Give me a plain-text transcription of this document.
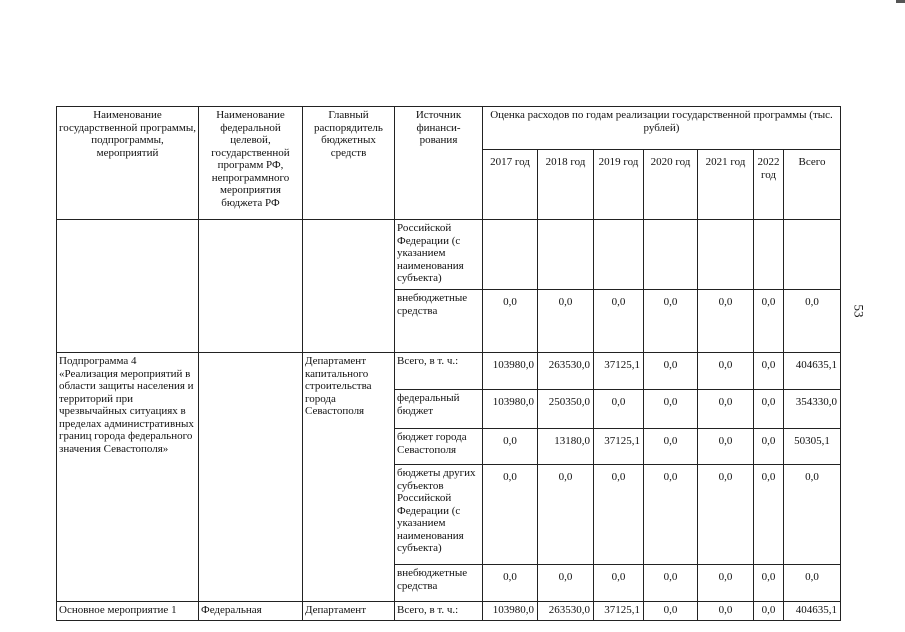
53
Наименование государственной программы, подпрограммы, мероприятий	Наименование федеральной целевой, государственной программ РФ, непрограммного мероприятия бюджета РФ	Главный распорядитель бюджетных средств	Источник финанси- рования	Оценка расходов по годам реализации государственной программы (тыс. рублей)						
				2017 год	2018 год	2019 год	2020 год	2021 год	2022 год	Всего
			Российской Федерации (с указанием наименования субъекта)							
			внебюджетные средства	0,0	0,0	0,0	0,0	0,0	0,0	0,0
Подпрограмма 4 «Реализация мероприятий в области защиты населения и территорий при чрезвычайных ситуациях в пределах административных границ города федерального значения Севастополя»		Департамент капитального строительства города Севастополя	Всего, в т. ч.:	103980,0	263530,0	37125,1	0,0	0,0	0,0	404635,1
			федеральный бюджет	103980,0	250350,0	0,0	0,0	0,0	0,0	354330,0
			бюджет города Севастополя	0,0	13180,0	37125,1	0,0	0,0	0,0	50305,1
			бюджеты других субъектов Российской Федерации (с указанием наименования субъекта)	0,0	0,0	0,0	0,0	0,0	0,0	0,0
			внебюджетные средства	0,0	0,0	0,0	0,0	0,0	0,0	0,0
Основное мероприятие 1	Федеральная	Департамент	Всего, в т. ч.:	103980,0	263530,0	37125,1	0,0	0,0	0,0	404635,1
